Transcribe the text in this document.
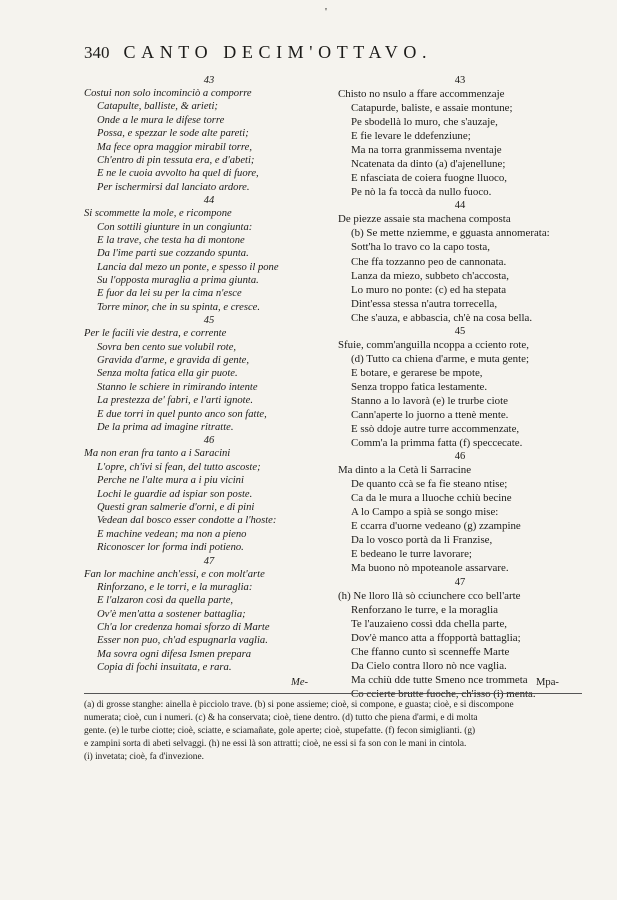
'
340 CANTO DECIM'OTTAVO.
43
Costui non solo incominciò a comporre
Catapulte, balliste, & arieti;
Onde a le mura le difese torre
Possa, e spezzar le sode alte pareti;
Ma fece opra maggior mirabil torre,
Ch'entro di pin tessuta era, e d'abeti;
E ne le cuoia avvolto ha quel di fuore,
Per ischermirsi dal lanciato ardore.
44
Si scommette la mole, e ricompone
Con sottili giunture in un congiunta:
E la trave, che testa ha di montone
Da l'ime parti sue cozzando spunta.
Lancia dal mezo un ponte, e spesso il pone
Su l'opposta muraglia a prima giunta.
E fuor da lei su per la cima n'esce
Torre minor, che in su spinta, e cresce.
45
Per le facili vie destra, e corrente
Sovra ben cento sue volubil rote,
Gravida d'arme, e gravida di gente,
Senza molta fatica ella gir puote.
Stanno le schiere in rimirando intente
La prestezza de' fabri, e l'arti ignote.
E due torri in quel punto anco son fatte,
De la prima ad imagine ritratte.
46
Ma non eran fra tanto a i Saracini
L'opre, ch'ivi si fean, del tutto ascoste;
Perche ne l'alte mura a i piu vicini
Lochi le guardie ad ispiar son poste.
Questi gran salmerie d'orni, e di pini
Vedean dal bosco esser condotte a l'hoste:
E machine vedean; ma non a pieno
Riconoscer lor forma indi potieno.
47
Fan lor machine anch'essi, e con molt'arte
Rinforzano, e le torri, e la muraglia:
E l'alzaron così da quella parte,
Ov'è men'atta a sostener battaglia;
Ch'a lor credenza homai sforzo di Marte
Esser non puo, ch'ad espugnarla vaglia.
Ma sovra ogni difesa Ismen prepara
Copia di fochi insuitata, e rara.
43
Chisto no nsulo a ffare accommenzaje
Catapurde, baliste, e assaie montune;
Pe sbodellà lo muro, che s'auzaje,
E fie levare le ddefenziune;
Ma na torra granmissema nventaje
Ncatenata da dinto (a) d'ajenellune;
E nfasciata de coiera fuogne lluoco,
Pe nò la fa toccà da nullo fuoco.
44
De piezze assaie sta machena composta
(b) Se mette nziemme, e gguasta annomerata:
Sott'ha lo travo co la capo tosta,
Che ffa tozzanno peo de cannonata.
Lanza da miezo, subbeto ch'accosta,
Lo muro no ponte: (c) ed ha stepata
Dint'essa stessa n'autra torrecella,
Che s'auza, e abbascia, ch'è na cosa bella.
45
Sfuie, comm'anguilla ncoppa a cciento rote,
(d) Tutto ca chiena d'arme, e muta gente;
E botare, e gerarese be mpote,
Senza troppo fatica lestamente.
Stanno a lo lavorà (e) le trurbe ciote
Cann'aperte lo juorno a ttenè mente.
E ssò ddoje autre turre accommenzate,
Comm'a la primma fatta (f) speccecate.
46
Ma dinto a la Cetà li Sarracine
De quanto ccà se fa fie steano ntise;
Ca da le mura a lluoche cchiù becine
A lo Campo a spià se songo mise:
E ccarra d'uorne vedeano (g) zzampine
Da lo vosco portà da li Franzise,
E bedeano le turre lavorare;
Ma buono nò mpoteanole assarvare.
47
(h) Ne lloro llà sò cciunchere cco bell'arte
Renforzano le turre, e la moraglia
Te l'auzaieno cossì dda chella parte,
Dov'è manco atta a ffopportà battaglia;
Che ffanno cunto sì scenneffe Marte
Da Cielo contra lloro nò nce vaglia.
Ma cchiù dde tutte Smeno nce trommeta
Co ccierte brutte fuoche, ch'isso (i) menta.
Me-	Mpa-
(a) di grosse stanghe: ainella è picciolo trave. (b) si pone assieme; cioè, si compone, e guasta; cioè, e si discompone
numerata; cioè, cun i numeri. (c) & ha conservata; cioè, tiene dentro. (d) tutto che piena d'armi, e di molta
gente. (e) le turbe ciotte; cioè, sciatte, e sciamañate, gole aperte; cioè, stupefatte. (f) fecon simiglianti. (g)
e zampini sorta di abeti selvaggi. (h) ne essi là son attratti; cioè, ne essi si fa son con le mani in cintola.
(i) invetata; cioè, fa d'invezione.
